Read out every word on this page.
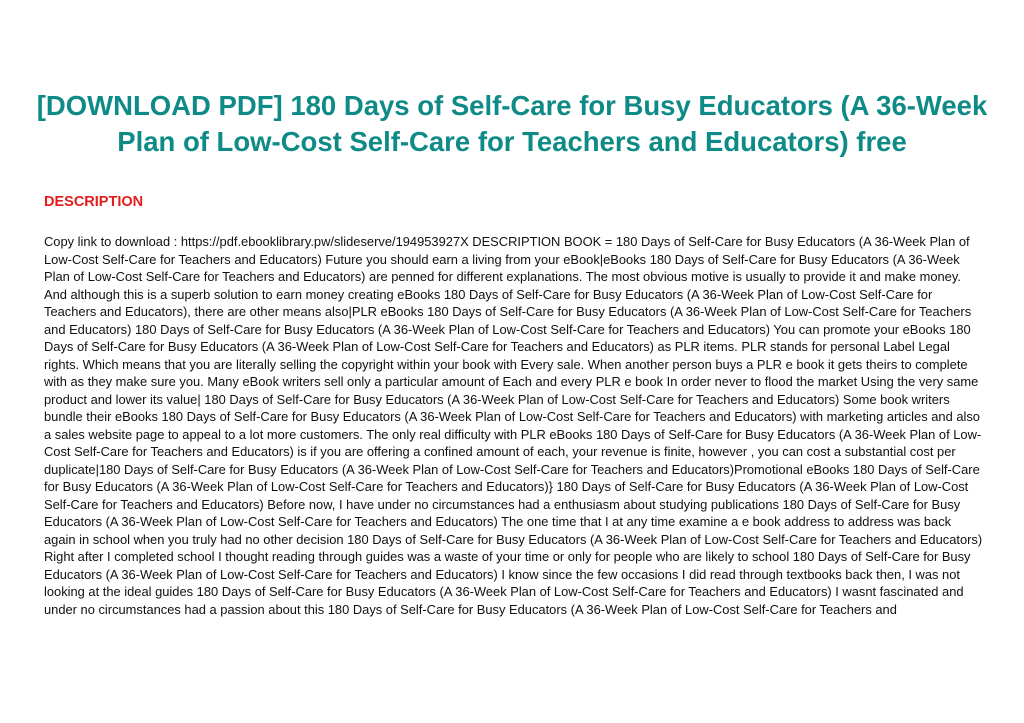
[DOWNLOAD PDF] 180 Days of Self-Care for Busy Educators (A 36-Week Plan of Low-Cost Self-Care for Teachers and Educators) free
DESCRIPTION

Copy link to download : https://pdf.ebooklibrary.pw/slideserve/194953927X DESCRIPTION BOOK = 180 Days of Self-Care for Busy Educators (A 36-Week Plan of Low-Cost Self-Care for Teachers and Educators) Future you should earn a living from your eBook|eBooks 180 Days of Self-Care for Busy Educators (A 36-Week Plan of Low-Cost Self-Care for Teachers and Educators) are penned for different explanations. The most obvious motive is usually to provide it and make money. And although this is a superb solution to earn money creating eBooks 180 Days of Self-Care for Busy Educators (A 36-Week Plan of Low-Cost Self-Care for Teachers and Educators), there are other means also|PLR eBooks 180 Days of Self-Care for Busy Educators (A 36-Week Plan of Low-Cost Self-Care for Teachers and Educators) 180 Days of Self-Care for Busy Educators (A 36-Week Plan of Low-Cost Self-Care for Teachers and Educators) You can promote your eBooks 180 Days of Self-Care for Busy Educators (A 36-Week Plan of Low-Cost Self-Care for Teachers and Educators) as PLR items. PLR stands for personal Label Legal rights. Which means that you are literally selling the copyright within your book with Every sale. When another person buys a PLR e book it gets theirs to complete with as they make sure you. Many eBook writers sell only a particular amount of Each and every PLR e book In order never to flood the market Using the very same product and lower its value| 180 Days of Self-Care for Busy Educators (A 36-Week Plan of Low-Cost Self-Care for Teachers and Educators) Some book writers bundle their eBooks 180 Days of Self-Care for Busy Educators (A 36-Week Plan of Low-Cost Self-Care for Teachers and Educators) with marketing articles and also a sales website page to appeal to a lot more customers. The only real difficulty with PLR eBooks 180 Days of Self-Care for Busy Educators (A 36-Week Plan of Low-Cost Self-Care for Teachers and Educators) is if you are offering a confined amount of each, your revenue is finite, however , you can cost a substantial cost per duplicate|180 Days of Self-Care for Busy Educators (A 36-Week Plan of Low-Cost Self-Care for Teachers and Educators)Promotional eBooks 180 Days of Self-Care for Busy Educators (A 36-Week Plan of Low-Cost Self-Care for Teachers and Educators)} 180 Days of Self-Care for Busy Educators (A 36-Week Plan of Low-Cost Self-Care for Teachers and Educators) Before now, I have under no circumstances had a enthusiasm about studying publications 180 Days of Self-Care for Busy Educators (A 36-Week Plan of Low-Cost Self-Care for Teachers and Educators) The one time that I at any time examine a e book address to address was back again in school when you truly had no other decision 180 Days of Self-Care for Busy Educators (A 36-Week Plan of Low-Cost Self-Care for Teachers and Educators) Right after I completed school I thought reading through guides was a waste of your time or only for people who are likely to school 180 Days of Self-Care for Busy Educators (A 36-Week Plan of Low-Cost Self-Care for Teachers and Educators) I know since the few occasions I did read through textbooks back then, I was not looking at the ideal guides 180 Days of Self-Care for Busy Educators (A 36-Week Plan of Low-Cost Self-Care for Teachers and Educators) I wasnt fascinated and under no circumstances had a passion about this 180 Days of Self-Care for Busy Educators (A 36-Week Plan of Low-Cost Self-Care for Teachers and
